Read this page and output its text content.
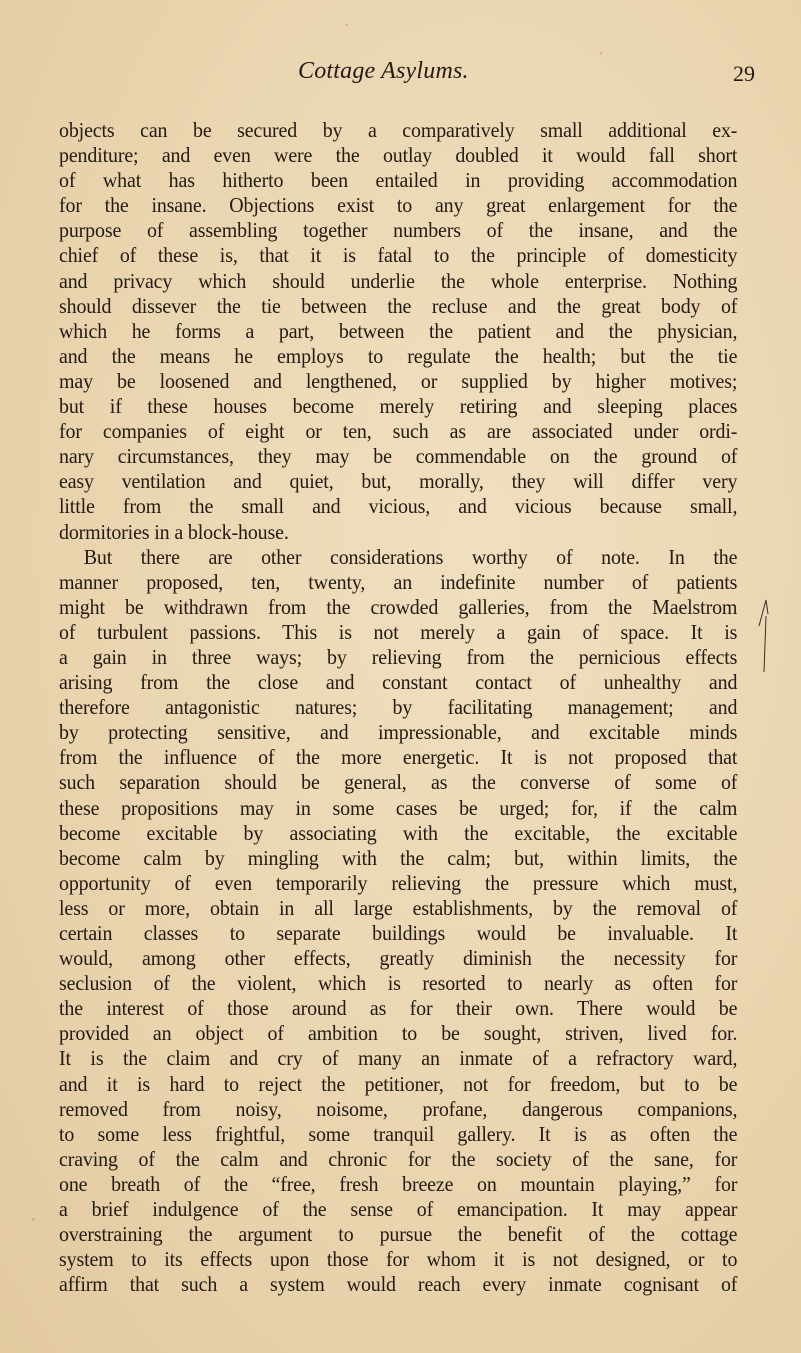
Cottage Asylums.	29
objects can be secured by a comparatively small additional ex-
penditure; and even were the outlay doubled it would fall short
of what has hitherto been entailed in providing accommodation
for the insane. Objections exist to any great enlargement for the
purpose of assembling together numbers of the insane, and the
chief of these is, that it is fatal to the principle of domesticity
and privacy which should underlie the whole enterprise. Nothing
should dissever the tie between the recluse and the great body of
which he forms a part, between the patient and the physician,
and the means he employs to regulate the health; but the tie
may be loosened and lengthened, or supplied by higher motives;
but if these houses become merely retiring and sleeping places
for companies of eight or ten, such as are associated under ordi-
nary circumstances, they may be commendable on the ground of
easy ventilation and quiet, but, morally, they will differ very
little from the small and vicious, and vicious because small,
dormitories in a block-house.
But there are other considerations worthy of note. In the
manner proposed, ten, twenty, an indefinite number of patients
might be withdrawn from the crowded galleries, from the Maelstrom
of turbulent passions. This is not merely a gain of space. It is
a gain in three ways; by relieving from the pernicious effects
arising from the close and constant contact of unhealthy and
therefore antagonistic natures; by facilitating management; and
by protecting sensitive, and impressionable, and excitable minds
from the influence of the more energetic. It is not proposed that
such separation should be general, as the converse of some of
these propositions may in some cases be urged; for, if the calm
become excitable by associating with the excitable, the excitable
become calm by mingling with the calm; but, within limits, the
opportunity of even temporarily relieving the pressure which must,
less or more, obtain in all large establishments, by the removal of
certain classes to separate buildings would be invaluable. It
would, among other effects, greatly diminish the necessity for
seclusion of the violent, which is resorted to nearly as often for
the interest of those around as for their own. There would be
provided an object of ambition to be sought, striven, lived for.
It is the claim and cry of many an inmate of a refractory ward,
and it is hard to reject the petitioner, not for freedom, but to be
removed from noisy, noisome, profane, dangerous companions,
to some less frightful, some tranquil gallery. It is as often the
craving of the calm and chronic for the society of the sane, for
one breath of the “free, fresh breeze on mountain playing,” for
a brief indulgence of the sense of emancipation. It may appear
overstraining the argument to pursue the benefit of the cottage
system to its effects upon those for whom it is not designed, or to
affirm that such a system would reach every inmate cognisant of
